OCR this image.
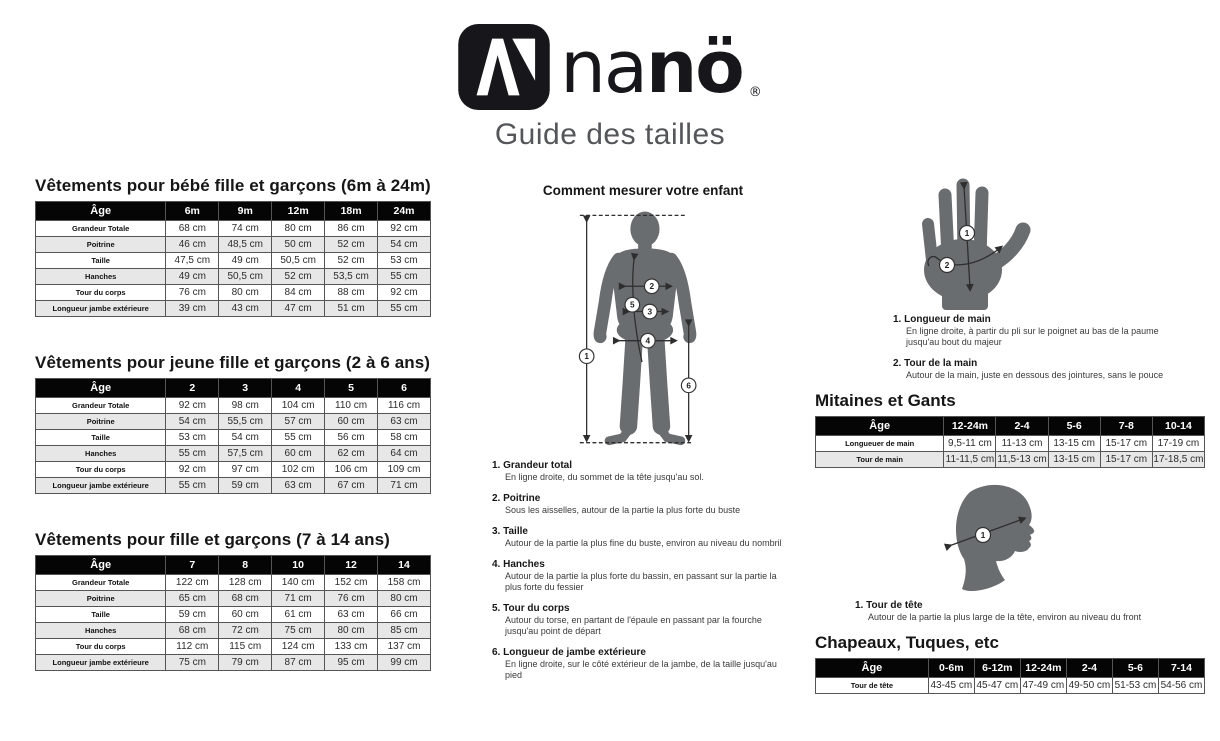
nanö ®
Guide des tailles
Vêtements pour bébé fille et garçons (6m à 24m)
Âge	6m	9m	12m	18m	24m
Grandeur Totale	68 cm	74 cm	80 cm	86 cm	92 cm
Poitrine	46 cm	48,5 cm	50 cm	52 cm	54 cm
Taille	47,5 cm	49 cm	50,5 cm	52 cm	53 cm
Hanches	49 cm	50,5 cm	52 cm	53,5 cm	55 cm
Tour du corps	76 cm	80 cm	84 cm	88 cm	92 cm
Longueur jambe extérieure	39 cm	43 cm	47 cm	51 cm	55 cm
Vêtements pour jeune fille et garçons (2 à 6 ans)
Âge	2	3	4	5	6
Grandeur Totale	92 cm	98 cm	104 cm	110 cm	116 cm
Poitrine	54 cm	55,5 cm	57 cm	60 cm	63 cm
Taille	53 cm	54 cm	55 cm	56 cm	58 cm
Hanches	55 cm	57,5 cm	60 cm	62 cm	64 cm
Tour du corps	92 cm	97 cm	102 cm	106 cm	109 cm
Longueur jambe extérieure	55 cm	59 cm	63 cm	67 cm	71 cm
Vêtements pour fille et garçons (7 à 14 ans)
Âge	7	8	10	12	14
Grandeur Totale	122 cm	128 cm	140 cm	152 cm	158 cm
Poitrine	65 cm	68 cm	71 cm	76 cm	80 cm
Taille	59 cm	60 cm	61 cm	63 cm	66 cm
Hanches	68 cm	72 cm	75 cm	80 cm	85 cm
Tour du corps	112 cm	115 cm	124 cm	133 cm	137 cm
Longueur jambe extérieure	75 cm	79 cm	87 cm	95 cm	99 cm
Comment mesurer votre enfant
1
2
3
4
5
6
1. Grandeur total
En ligne droite, du sommet de la tête jusqu'au sol.
2. Poitrine
Sous les aisselles, autour de la partie la plus forte du buste
3. Taille
Autour de la partie la plus fine du buste, environ au niveau du nombril
4. Hanches
Autour de la partie la plus forte du bassin, en passant sur la partie la plus forte du fessier
5. Tour du corps
Autour du torse, en partant de l'épaule en passant par la fourche jusqu'au point de départ
6. Longueur de jambe extérieure
En ligne droite, sur le côté extérieur de la jambe, de la taille jusqu'au pied
1
2
1. Longueur de main
En ligne droite, à partir du pli sur le poignet au bas de la paume jusqu'au bout du majeur
2. Tour de la main
Autour de la main, juste en dessous des jointures, sans le pouce
Mitaines et Gants
Âge	12-24m	2-4	5-6	7-8	10-14
Longueuer de main	9,5-11 cm	11-13 cm	13-15 cm	15-17 cm	17-19 cm
Tour de main	11-11,5 cm	11,5-13 cm	13-15 cm	15-17 cm	17-18,5 cm
1
1. Tour de tête
Autour de la partie la plus large de la tête, environ au niveau du front
Chapeaux, Tuques, etc
Âge	0-6m	6-12m	12-24m	2-4	5-6	7-14
Tour de tête	43-45 cm	45-47 cm	47-49 cm	49-50 cm	51-53 cm	54-56 cm
